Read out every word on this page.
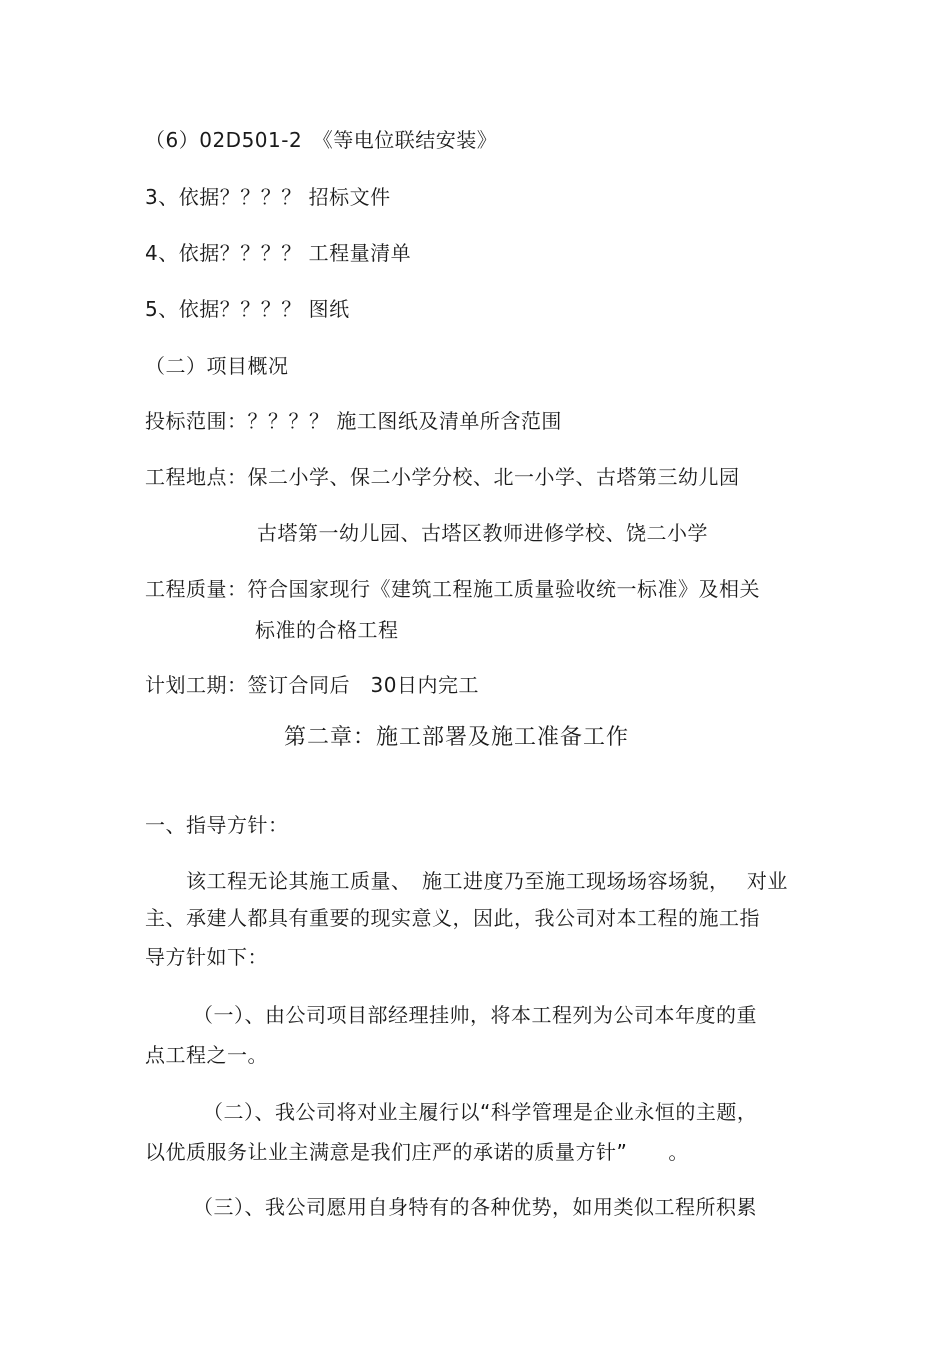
（6）02D501-2　《等电位联结安装》
3、依据？？？？ 招标文件
4、依据？？？？ 工程量清单
5、依据？？？？ 图纸
（二）项目概况
投标范围：？？？？ 施工图纸及清单所含范围
工程地点：保二小学、保二小学分校、北一小学、古塔第三幼儿园
古塔第一幼儿园、古塔区教师进修学校、饶二小学
工程质量：符合国家现行《建筑工程施工质量验收统一标准》及相关
标准的合格工程
计划工期：签订合同后　30日内完工
第二章：施工部署及施工准备工作
一、指导方针：
该工程无论其施工质量、　施工进度乃至施工现场场容场貌，　 对业
主、承建人都具有重要的现实意义，因此，我公司对本工程的施工指
导方针如下：
（一）、由公司项目部经理挂帅，将本工程列为公司本年度的重
点工程之一。
（二）、我公司将对业主履行以“科学管理是企业永恒的主题，
以优质服务让业主满意是我们庄严的承诺的质量方针”　　。
（三）、我公司愿用自身特有的各种优势，如用类似工程所积累
